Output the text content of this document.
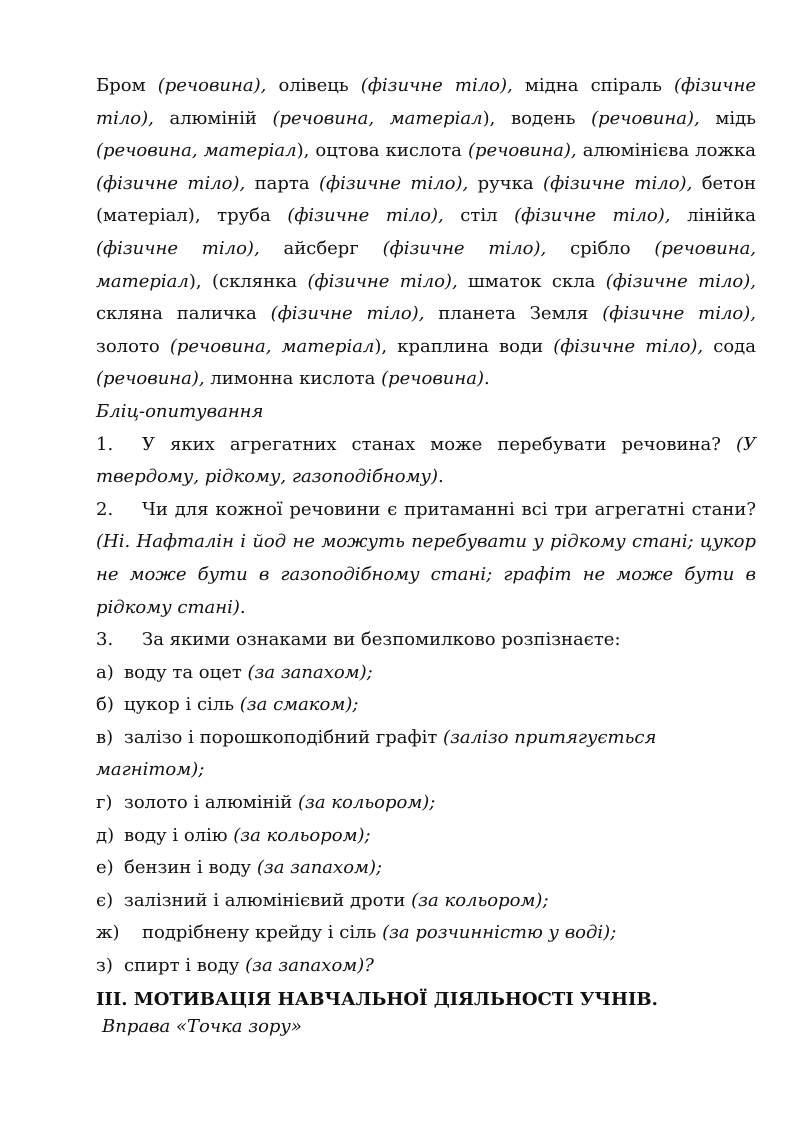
Бром (речовина), олівець (фізичне тіло), мідна спіраль (фізичне тіло), алюміній (речовина, матеріал), водень (речовина), мідь (речовина, матеріал), оцтова кислота (речовина), алюмінієва ложка (фізичне тіло), парта (фізичне тіло), ручка (фізичне тіло), бетон (матеріал), труба (фізичне тіло), стіл (фізичне тіло), лінійка (фізичне тіло), айсберг (фізичне тіло), срібло (речовина, матеріал), (склянка (фізичне тіло), шматок скла (фізичне тіло), скляна паличка (фізичне тіло), планета Земля (фізичне тіло), золото (речовина, матеріал), краплина води (фізичне тіло), сода (речовина), лимонна кислота (речовина).

Бліц-опитування

1. У яких агрегатних станах може перебувати речовина? (У твердому, рідкому, газоподібному).

2. Чи для кожної речовини є притаманні всі три агрегатні стани? (Ні. Нафталін і йод не можуть перебувати у рідкому стані; цукор не може бути в газоподібному стані; графіт не може бути в рідкому стані).

3. За якими ознаками ви безпомилково розпізнаєте:

а) воду та оцет (за запахом);

б) цукор і сіль (за смаком);

в) залізо і порошкоподібний графіт (залізо притягується магнітом);

г) золото і алюміній (за кольором);

д) воду і олію (за кольором);

е) бензин і воду (за запахом);

є) залізний і алюмінієвий дроти (за кольором);

ж) подрібнену крейду і сіль (за розчинністю у воді);

з) спирт і воду (за запахом)?

ІІІ. МОТИВАЦІЯ НАВЧАЛЬНОЇ ДІЯЛЬНОСТІ УЧНІВ.

Вправа «Точка зору»
